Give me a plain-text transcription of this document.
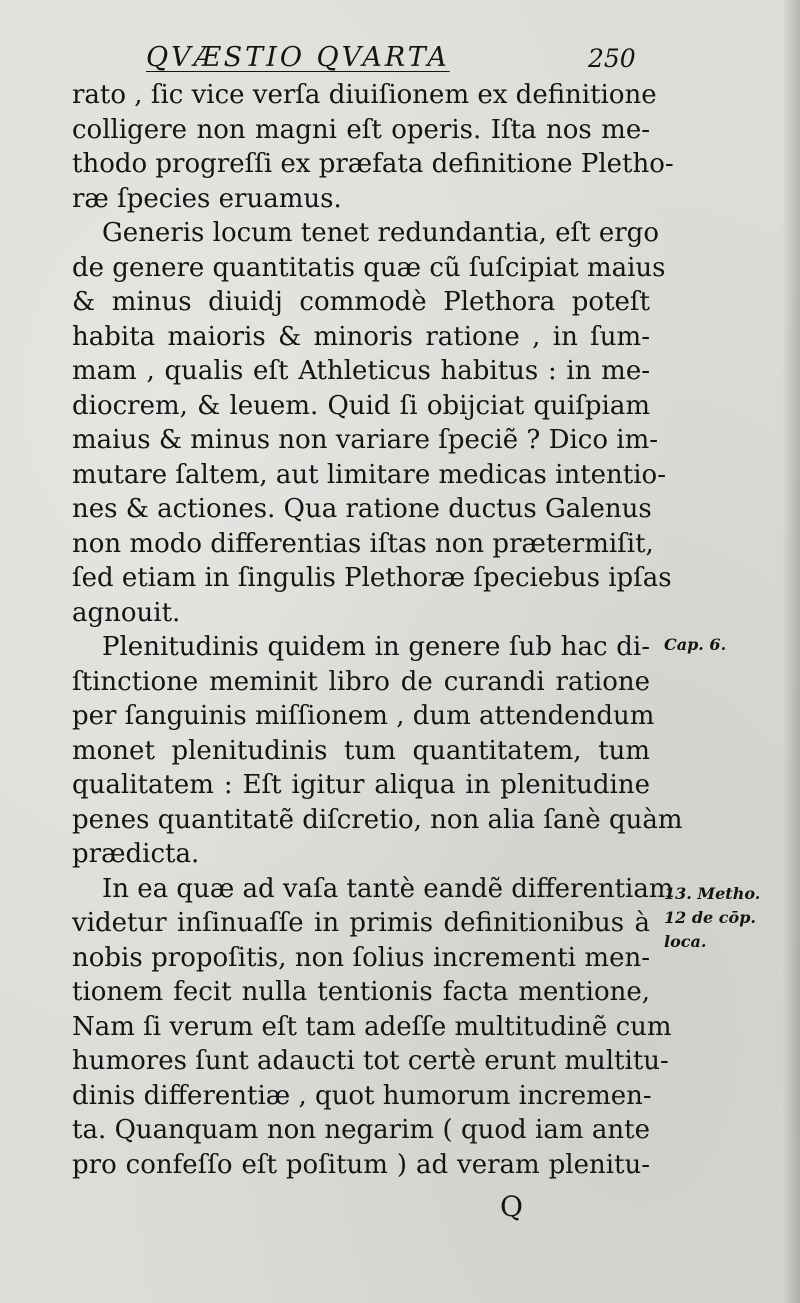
QVÆSTIO QVARTA	250
rato , ſic vice verſa diuiſionem ex definitione
colligere non magni eſt operis. Iſta nos me-
thodo progreſſi ex præfata definitione Pletho-
ræ ſpecies eruamus.
Generis locum tenet redundantia, eſt ergo
de genere quantitatis quæ cũ ſuſcipiat maius
& minus diuidj commodè Plethora poteſt
habita maioris & minoris ratione , in ſum-
mam , qualis eſt Athleticus habitus : in me-
diocrem, & leuem. Quid ſi obijciat quiſpiam
maius & minus non variare ſpeciẽ ? Dico im-
mutare ſaltem, aut limitare medicas intentio-
nes & actiones. Qua ratione ductus Galenus
non modo differentias iſtas non prætermiſit,
ſed etiam in ſingulis Plethoræ ſpeciebus ipſas
agnouit.
Plenitudinis quidem in genere ſub hac di-
ſtinctione meminit libro de curandi ratione
per ſanguinis miſſionem , dum attendendum
monet plenitudinis tum quantitatem, tum
qualitatem : Eſt igitur aliqua in plenitudine
penes quantitatẽ diſcretio, non alia ſanè quàm
prædicta.
In ea quæ ad vaſa tantè eandẽ differentiam
videtur inſinuaſſe in primis definitionibus à
nobis propoſitis, non ſolius incrementi men-
tionem fecit nulla tentionis facta mentione,
Nam ſi verum eſt tam adeſſe multitudinẽ cum
humores ſunt adaucti tot certè erunt multitu-
dinis differentiæ , quot humorum incremen-
ta. Quanquam non negarim ( quod iam ante
pro confeſſo eſt poſitum ) ad veram plenitu-
Cap. 6.
13. Metho.
12 de cōp.
loca.
Q
